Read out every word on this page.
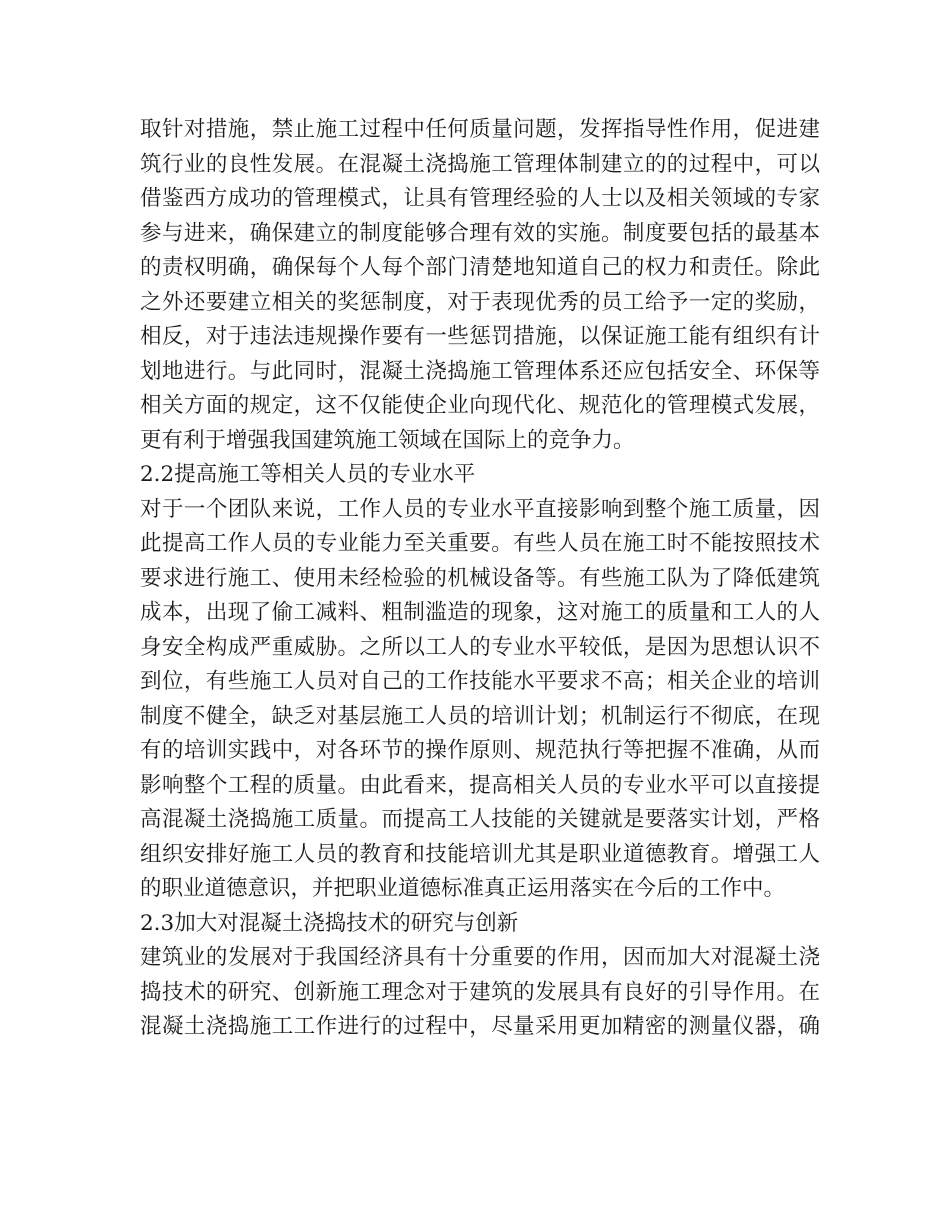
取针对措施，禁止施工过程中任何质量问题，发挥指导性作用，促进建
筑行业的良性发展。在混凝土浇捣施工管理体制建立的的过程中，可以
借鉴西方成功的管理模式，让具有管理经验的人士以及相关领域的专家
参与进来，确保建立的制度能够合理有效的实施。制度要包括的最基本
的责权明确，确保每个人每个部门清楚地知道自己的权力和责任。除此
之外还要建立相关的奖惩制度，对于表现优秀的员工给予一定的奖励，
相反，对于违法违规操作要有一些惩罚措施，以保证施工能有组织有计
划地进行。与此同时，混凝土浇捣施工管理体系还应包括安全、环保等
相关方面的规定，这不仅能使企业向现代化、规范化的管理模式发展，
更有利于增强我国建筑施工领域在国际上的竞争力。
2.2提高施工等相关人员的专业水平
对于一个团队来说，工作人员的专业水平直接影响到整个施工质量，因
此提高工作人员的专业能力至关重要。有些人员在施工时不能按照技术
要求进行施工、使用未经检验的机械设备等。有些施工队为了降低建筑
成本，出现了偷工减料、粗制滥造的现象，这对施工的质量和工人的人
身安全构成严重威胁。之所以工人的专业水平较低，是因为思想认识不
到位，有些施工人员对自己的工作技能水平要求不高；相关企业的培训
制度不健全，缺乏对基层施工人员的培训计划；机制运行不彻底，在现
有的培训实践中，对各环节的操作原则、规范执行等把握不准确，从而
影响整个工程的质量。由此看来，提高相关人员的专业水平可以直接提
高混凝土浇捣施工质量。而提高工人技能的关键就是要落实计划，严格
组织安排好施工人员的教育和技能培训尤其是职业道德教育。增强工人
的职业道德意识，并把职业道德标准真正运用落实在今后的工作中。
2.3加大对混凝土浇捣技术的研究与创新
建筑业的发展对于我国经济具有十分重要的作用，因而加大对混凝土浇
捣技术的研究、创新施工理念对于建筑的发展具有良好的引导作用。在
混凝土浇捣施工工作进行的过程中，尽量采用更加精密的测量仪器，确
